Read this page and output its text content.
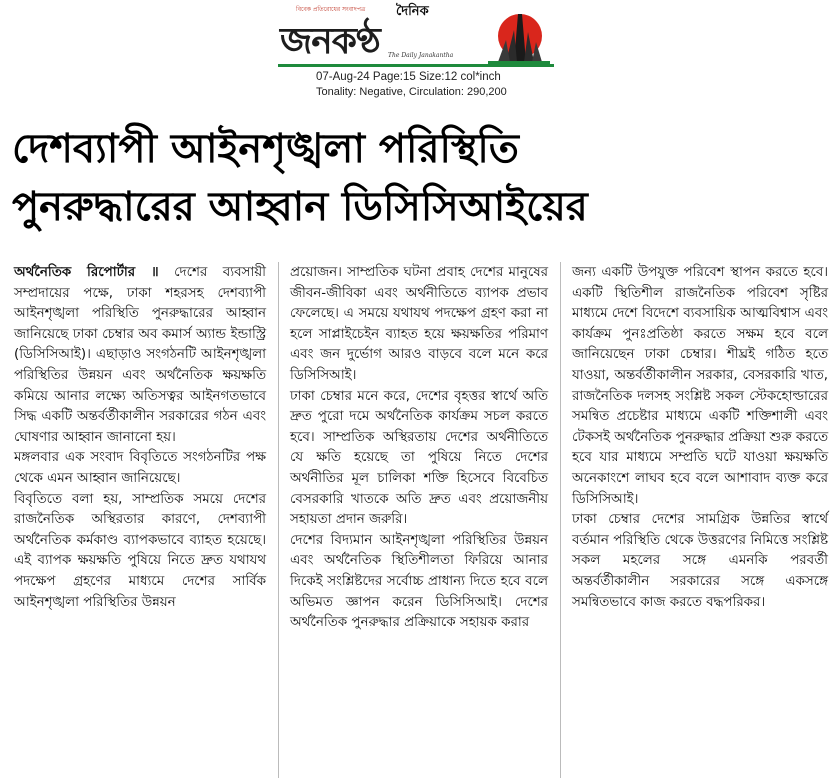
বিবেক প্রতিরোধের সংবাদপত্র দৈনিক
জনকণ্ঠ The Daily Janakantha
07-Aug-24 Page:15 Size:12 col*inch
Tonality: Negative, Circulation: 290,200
দেশব্যাপী আইনশৃঙ্খলা পরিস্থিতি
পুনরুদ্ধারের আহ্বান ডিসিসিআইয়ের

অর্থনৈতিক রিপোর্টার ॥ দেশের ব্যবসায়ী সম্প্রদায়ের পক্ষে, ঢাকা শহরসহ দেশব্যাপী আইনশৃঙ্খলা পরিস্থিতি পুনরুদ্ধারের আহ্বান জানিয়েছে ঢাকা চেম্বার অব কমার্স অ্যান্ড ইন্ডাস্ট্রি (ডিসিসিআই)। এছাড়াও সংগঠনটি আইনশৃঙ্খলা পরিস্থিতির উন্নয়ন এবং অর্থনৈতিক ক্ষয়ক্ষতি কমিয়ে আনার লক্ষ্যে অতিসত্বর আইনগতভাবে সিদ্ধ একটি অন্তর্বর্তীকালীন সরকারের গঠন এবং ঘোষণার আহ্বান জানানো হয়।

মঙ্গলবার এক সংবাদ বিবৃতিতে সংগঠনটির পক্ষ থেকে এমন আহ্বান জানিয়েছে।

বিবৃতিতে বলা হয়, সাম্প্রতিক সময়ে দেশের রাজনৈতিক অস্থিরতার কারণে, দেশব্যাপী অর্থনৈতিক কর্মকাণ্ড ব্যাপকভাবে ব্যাহত হয়েছে। এই ব্যাপক ক্ষয়ক্ষতি পুষিয়ে নিতে দ্রুত যথাযথ পদক্ষেপ গ্রহণের মাধ্যমে দেশের সার্বিক আইনশৃঙ্খলা পরিস্থিতির উন্নয়ন

প্রয়োজন। সাম্প্রতিক ঘটনা প্রবাহ দেশের মানুষের জীবন-জীবিকা এবং অর্থনীতিতে ব্যাপক প্রভাব ফেলেছে। এ সময়ে যথাযথ পদক্ষেপ গ্রহণ করা না হলে সাপ্লাইচেইন ব্যাহত হয়ে ক্ষয়ক্ষতির পরিমাণ এবং জন দুর্ভোগ আরও বাড়বে বলে মনে করে ডিসিসিআই।

ঢাকা চেম্বার মনে করে, দেশের বৃহত্তর স্বার্থে অতি দ্রুত পুরো দমে অর্থনৈতিক কার্যক্রম সচল করতে হবে। সাম্প্রতিক অস্থিরতায় দেশের অর্থনীতিতে যে ক্ষতি হয়েছে তা পুষিয়ে নিতে দেশের অর্থনীতির মূল চালিকা শক্তি হিসেবে বিবেচিত বেসরকারি খাতকে অতি দ্রুত এবং প্রয়োজনীয় সহায়তা প্রদান জরুরি।

দেশের বিদ্যমান আইনশৃঙ্খলা পরিস্থিতির উন্নয়ন এবং অর্থনৈতিক স্থিতিশীলতা ফিরিয়ে আনার দিকেই সংশ্লিষ্টদের সর্বোচ্চ প্রাধান্য দিতে হবে বলে অভিমত জ্ঞাপন করেন ডিসিসিআই। দেশের অর্থনৈতিক পুনরুদ্ধার প্রক্রিয়াকে সহায়ক করার

জন্য একটি উপযুক্ত পরিবেশ স্থাপন করতে হবে। একটি স্থিতিশীল রাজনৈতিক পরিবেশ সৃষ্টির মাধ্যমে দেশে বিদেশে ব্যবসায়িক আত্মবিশ্বাস এবং কার্যক্রম পুনঃপ্রতিষ্ঠা করতে সক্ষম হবে বলে জানিয়েছেন ঢাকা চেম্বার। শীঘ্রই গঠিত হতে যাওয়া, অন্তর্বর্তীকালীন সরকার, বেসরকারি খাত, রাজনৈতিক দলসহ সংশ্লিষ্ট সকল স্টেকহোল্ডারের সমন্বিত প্রচেষ্টার মাধ্যমে একটি শক্তিশালী এবং টেকসই অর্থনৈতিক পুনরুদ্ধার প্রক্রিয়া শুরু করতে হবে যার মাধ্যমে সম্প্রতি ঘটে যাওয়া ক্ষয়ক্ষতি অনেকাংশে লাঘব হবে বলে আশাবাদ ব্যক্ত করে ডিসিসিআই।

ঢাকা চেম্বার দেশের সামগ্রিক উন্নতির স্বার্থে বর্তমান পরিস্থিতি থেকে উত্তরণের নিমিত্তে সংশ্লিষ্ট সকল মহলের সঙ্গে এমনকি পরবর্তী অন্তর্বর্তীকালীন সরকারের সঙ্গে একসঙ্গে সমন্বিতভাবে কাজ করতে বদ্ধপরিকর।
